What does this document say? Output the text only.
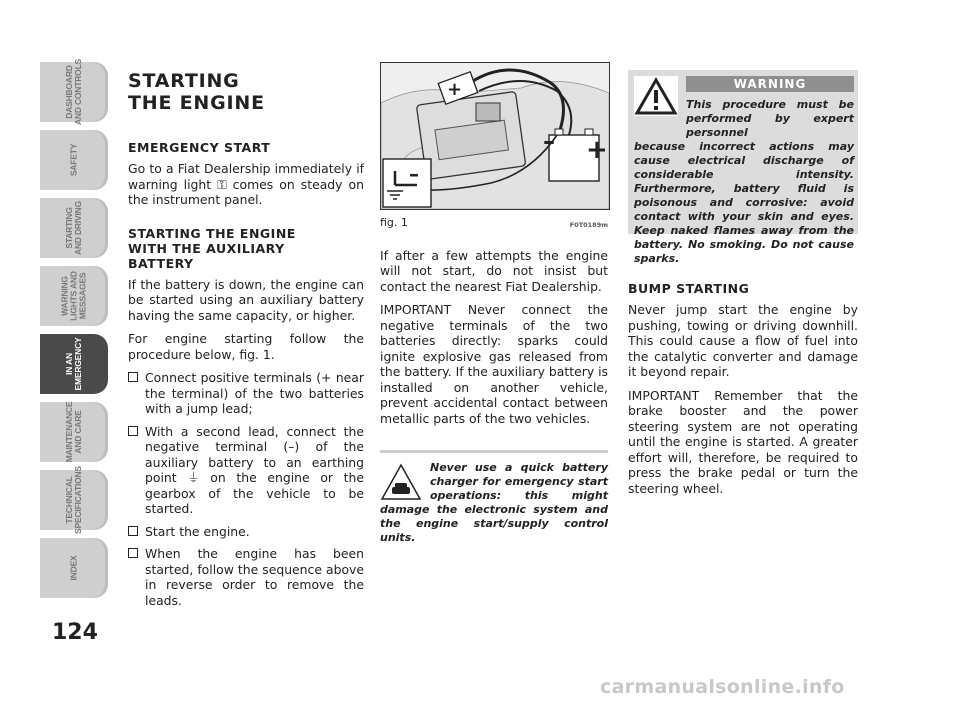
DASHBOARD
AND CONTROLS
SAFETY
STARTING
AND DRIVING
WARNING
LIGHTS AND
MESSAGES
IN AN
EMERGENCY
MAINTENANCE
AND CARE
TECHNICAL
SPECIFICATIONS
INDEX
124
STARTING
THE ENGINE
EMERGENCY START

Go to a Fiat Dealership immediately if warning light ⚿ comes on steady on the instrument panel.

STARTING THE ENGINE WITH THE AUXILIARY BATTERY

If the battery is down, the engine can be started using an auxiliary battery having the same capacity, or higher.

For engine starting follow the procedure below, fig. 1.

Connect positive terminals (+ near the terminal) of the two batteries with a jump lead;
With a second lead, connect the negative terminal (–) of the auxiliary battery to an earthing point ⏚ on the engine or the gearbox of the vehicle to be started.
Start the engine.
When the engine has been started, follow the sequence above in reverse order to remove the leads.
+
– +
–
fig. 1	F0T0189m

If after a few attempts the engine will not start, do not insist but contact the nearest Fiat Dealership.

IMPORTANT Never connect the negative terminals of the two batteries directly: sparks could ignite explosive gas released from the battery. If the auxiliary battery is installed on another vehicle, prevent accidental contact between metallic parts of the two vehicles.

Never use a quick battery charger for emergency start operations: this might damage the electronic system and the engine start/supply control units.
WARNING
This procedure must be performed by expert personnel
because incorrect actions may cause electrical discharge of considerable intensity. Furthermore, battery fluid is poisonous and corrosive: avoid contact with your skin and eyes. Keep naked flames away from the battery. No smoking. Do not cause sparks.
BUMP STARTING

Never jump start the engine by pushing, towing or driving downhill. This could cause a flow of fuel into the catalytic converter and damage it beyond repair.

IMPORTANT Remember that the brake booster and the power steering system are not operating until the engine is started. A greater effort will, therefore, be required to press the brake pedal or turn the steering wheel.

carmanualsonline.info
